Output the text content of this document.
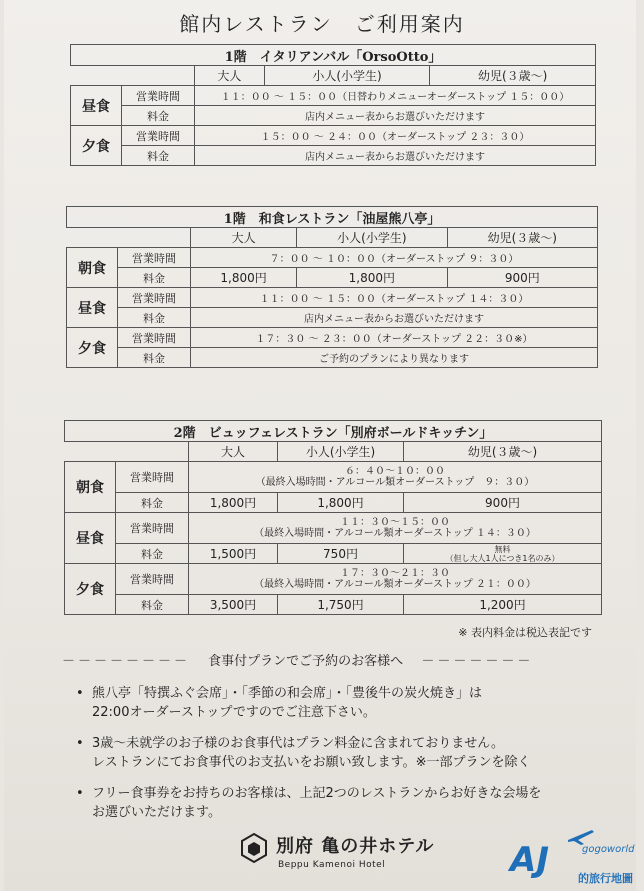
館内レストラン　ご利用案内
1階　イタリアンバル「OrsoOtto」				
		大人	小人(小学生)	幼児(３歳～)
昼食	営業時間	１１：００ ～ １５：００（日替わりメニューオーダーストップ １５：００）		
	料金	店内メニュー表からお選びいただけます		
夕食	営業時間	１５：００ ～ ２４：００（オーダーストップ ２３：３０）		
	料金	店内メニュー表からお選びいただけます		
1階　和食レストラン「油屋熊八亭」				
		大人	小人(小学生)	幼児(３歳～)
朝食	営業時間	７：００ ～ １０：００（オーダーストップ ９：３０）		
	料金	1,800円	1,800円	900円
昼食	営業時間	１１：００ ～ １５：００（オーダーストップ １４：３０）		
	料金	店内メニュー表からお選びいただけます		
夕食	営業時間	１７：３０ ～ ２３：００（オーダーストップ ２２：３０※）		
	料金	ご予約のプランにより異なります		
2階　ビュッフェレストラン「別府ボールドキッチン」				
		大人	小人(小学生)	幼児(３歳～)
朝食	営業時間	６：４０～１０：００
（最終入場時間・アルコール類オーダーストップ　９：３０）		

	料金	1,800円	1,800円	900円
昼食	営業時間	１１：３０～１５：００
（最終入場時間・アルコール類オーダーストップ １４：３０）		

	料金	1,500円	750円	無料
（但し大人1人につき1名のみ）

夕食	営業時間	１７：３０～２１：３０
（最終入場時間・アルコール類オーダーストップ ２１：００）		

	料金	3,500円	1,750円	1,200円
※ 表内料金は税込表記です
－－－－－－－－ 食事付プランでご予約のお客様へ －－－－－－－
• 熊八亭「特撰ふぐ会席」・「季節の和会席」・「豊後牛の炭火焼き」は
22:00オーダーストップですのでご注意下さい。
• 3歳～未就学のお子様のお食事代はプラン料金に含まれておりません。
レストランにてお食事代のお支払いをお願い致します。※一部プランを除く
• フリー食事券をお持ちのお客様は、上記2つのレストランからお好きな会場を
お選びいただけます。
別府 亀の井ホテル
Beppu Kamenoi Hotel	AJ	gogoworld
的旅行地圖
